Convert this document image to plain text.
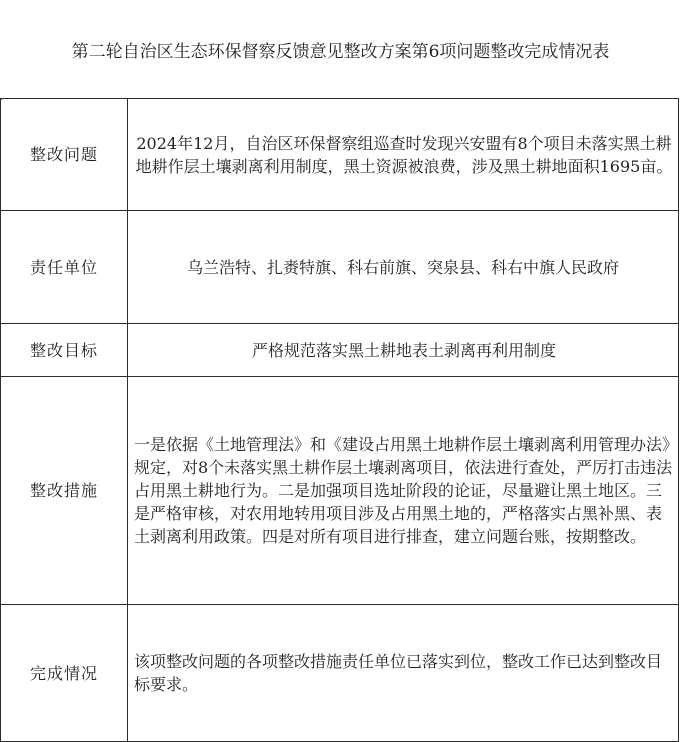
第二轮自治区生态环保督察反馈意见整改方案第6项问题整改完成情况表
整改问题	2024年12月，自治区环保督察组巡查时发现兴安盟有8个项目未落实黑土耕地耕作层土壤剥离利用制度，黑土资源被浪费，涉及黑土耕地面积1695亩。
责任单位	乌兰浩特、扎赉特旗、科右前旗、突泉县、科右中旗人民政府
整改目标	严格规范落实黑土耕地表土剥离再利用制度
整改措施	一是依据《土地管理法》和《建设占用黑土地耕作层土壤剥离利用管理办法》规定，对8个未落实黑土耕作层土壤剥离项目，依法进行查处，严厉打击违法占用黑土耕地行为。二是加强项目选址阶段的论证，尽量避让黑土地区。三是严格审核，对农用地转用项目涉及占用黑土地的，严格落实占黑补黑、表土剥离利用政策。四是对所有项目进行排查，建立问题台账，按期整改。
完成情况	该项整改问题的各项整改措施责任单位已落实到位，整改工作已达到整改目标要求。
